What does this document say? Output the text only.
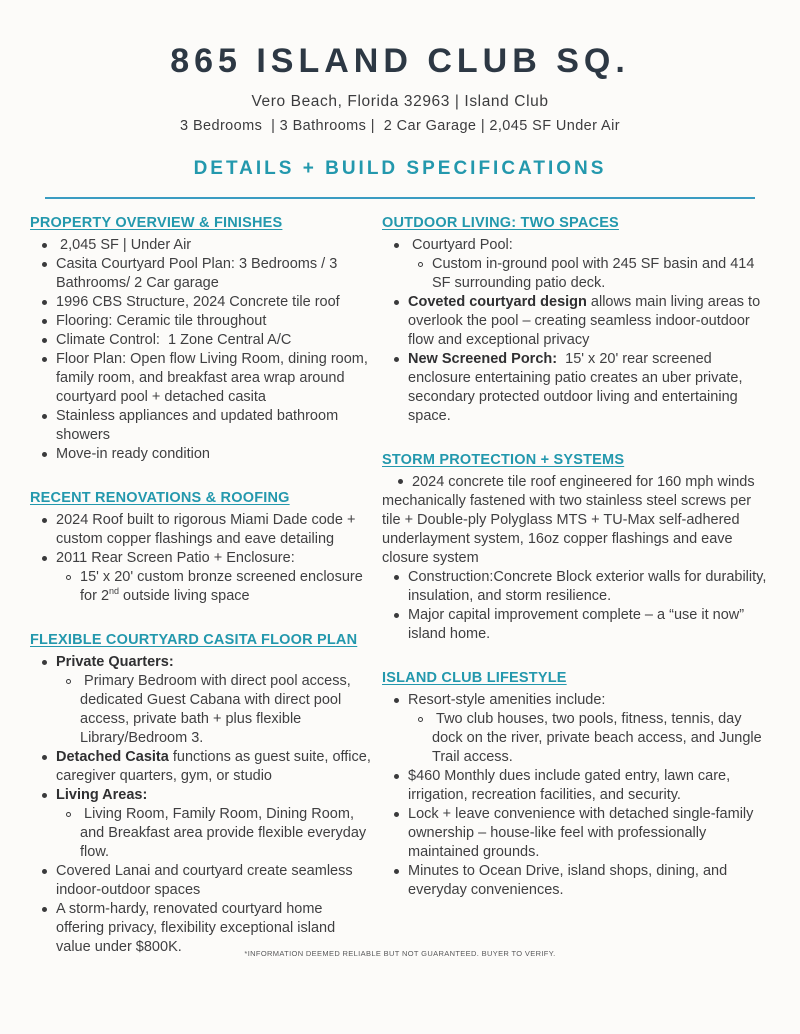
865 ISLAND CLUB SQ.
Vero Beach, Florida 32963 | Island Club
3 Bedrooms  | 3 Bathrooms |  2 Car Garage | 2,045 SF Under Air
DETAILS + BUILD SPECIFICATIONS
PROPERTY OVERVIEW & FINISHES
2,045 SF | Under Air
Casita Courtyard Pool Plan: 3 Bedrooms / 3 Bathrooms/ 2 Car garage
1996 CBS Structure, 2024 Concrete tile roof
Flooring: Ceramic tile throughout
Climate Control:  1 Zone Central A/C
Floor Plan: Open flow Living Room, dining room, family room, and breakfast area wrap around courtyard pool + detached casita
Stainless appliances and updated bathroom showers
Move-in ready condition
RECENT RENOVATIONS & ROOFING
2024 Roof built to rigorous Miami Dade code + custom copper flashings and eave detailing
2011 Rear Screen Patio + Enclosure:
15' x 20' custom bronze screened enclosure for 2nd outside living space
FLEXIBLE COURTYARD CASITA FLOOR PLAN
Private Quarters:
Primary Bedroom with direct pool access, dedicated Guest Cabana with direct pool access, private bath + plus flexible Library/Bedroom 3.
Detached Casita functions as guest suite, office, caregiver quarters, gym, or studio
Living Areas:
Living Room, Family Room, Dining Room, and Breakfast area provide flexible everyday flow.
Covered Lanai and courtyard create seamless indoor-outdoor spaces
A storm-hardy, renovated courtyard home offering privacy, flexibility exceptional island value under $800K.
OUTDOOR LIVING: TWO SPACES
Courtyard Pool:
Custom in-ground pool with 245 SF basin and 414 SF surrounding patio deck.
Coveted courtyard design allows main living areas to overlook the pool – creating seamless indoor-outdoor flow and exceptional privacy
New Screened Porch:  15' x 20' rear screened enclosure entertaining patio creates an uber private, secondary protected outdoor living and entertaining space.
STORM PROTECTION + SYSTEMS
2024 concrete tile roof engineered for 160 mph winds mechanically fastened with two stainless steel screws per tile + Double-ply Polyglass MTS + TU-Max self-adhered underlayment system, 16oz copper flashings and eave closure system
Construction:Concrete Block exterior walls for durability, insulation, and storm resilience.
Major capital improvement complete – a “use it now” island home.
ISLAND CLUB LIFESTYLE
Resort-style amenities include:
Two club houses, two pools, fitness, tennis, day dock on the river, private beach access, and Jungle Trail access.
$460 Monthly dues include gated entry, lawn care, irrigation, recreation facilities, and security.
Lock + leave convenience with detached single-family ownership – house-like feel with professionally maintained grounds.
Minutes to Ocean Drive, island shops, dining, and everyday conveniences.
*INFORMATION DEEMED RELIABLE BUT NOT GUARANTEED. BUYER TO VERIFY.
